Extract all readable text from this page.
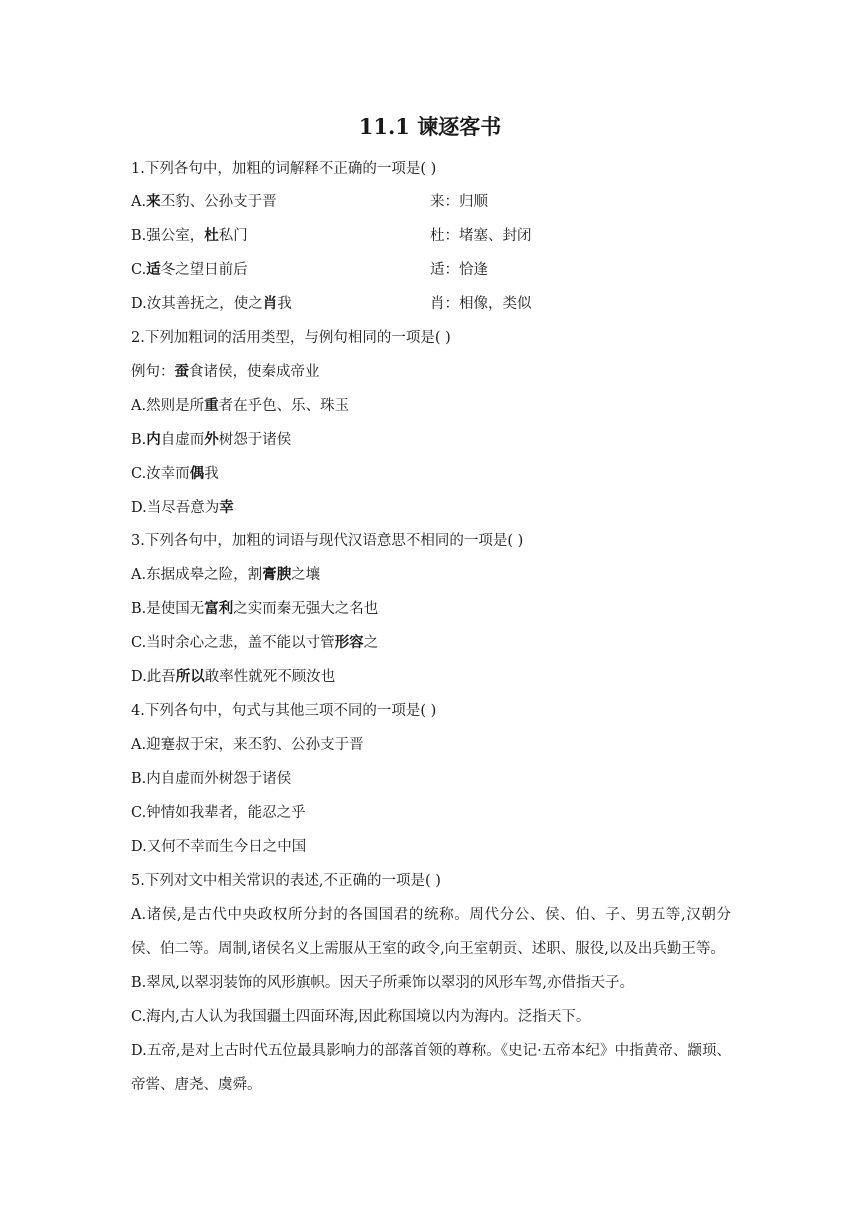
11.1 谏逐客书
1.下列各句中，加粗的词解释不正确的一项是( )
A.来丕豹、公孙支于晋	来：归顺
B.强公室，杜私门	杜：堵塞、封闭
C.适冬之望日前后	适：恰逢
D.汝其善抚之，使之肖我	肖：相像，类似
2.下列加粗词的活用类型，与例句相同的一项是( )
例句：蚕食诸侯，使秦成帝业
A.然则是所重者在乎色、乐、珠玉
B.内自虚而外树怨于诸侯
C.汝幸而偶我
D.当尽吾意为幸
3.下列各句中，加粗的词语与现代汉语意思不相同的一项是( )
A.东据成皋之险，割膏腴之壤
B.是使国无富利之实而秦无强大之名也
C.当时余心之悲，盖不能以寸管形容之
D.此吾所以敢率性就死不顾汝也
4.下列各句中，句式与其他三项不同的一项是( )
A.迎蹇叔于宋，来丕豹、公孙支于晋
B.内自虚而外树怨于诸侯
C.钟情如我辈者，能忍之乎
D.又何不幸而生今日之中国
5.下列对文中相关常识的表述,不正确的一项是( )
A.诸侯,是古代中央政权所分封的各国国君的统称。周代分公、侯、伯、子、男五等,汉朝分侯、伯二等。周制,诸侯名义上需服从王室的政令,向王室朝贡、述职、服役,以及出兵勤王等。
B.翠凤,以翠羽装饰的风形旗帜。因天子所乘饰以翠羽的风形车驾,亦借指天子。
C.海内,古人认为我国疆土四面环海,因此称国境以内为海内。泛指天下。
D.五帝,是对上古时代五位最具影响力的部落首领的尊称。《史记·五帝本纪》中指黄帝、颛顼、帝喾、唐尧、虞舜。
